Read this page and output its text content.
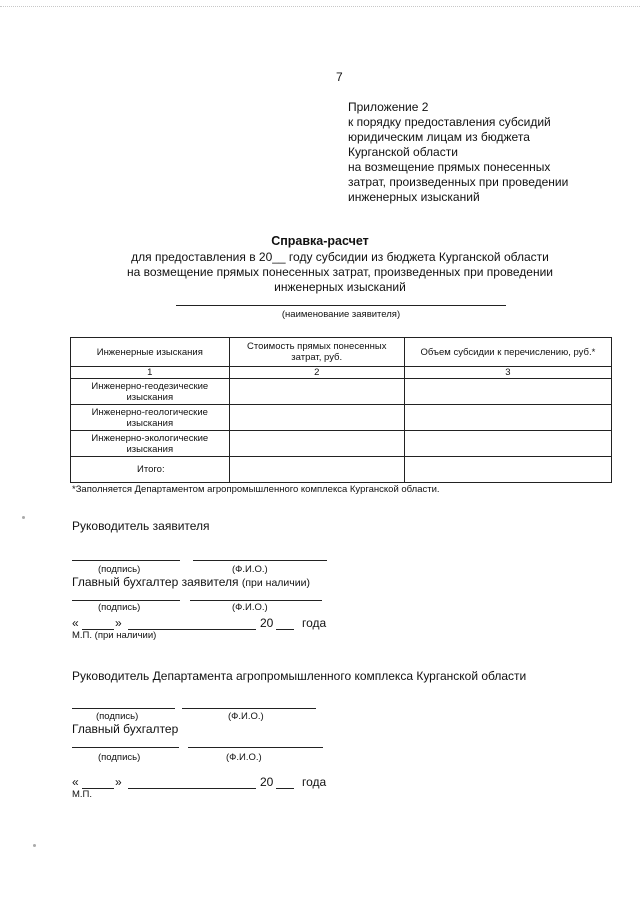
7
Приложение 2
к порядку предоставления субсидий
юридическим лицам из бюджета
Курганской области
на возмещение прямых понесенных
затрат, произведенных при проведении
инженерных изысканий
Справка-расчет
для предоставления в 20__ году субсидии из бюджета Курганской области
на возмещение прямых понесенных затрат, произведенных при проведении
инженерных изысканий
(наименование заявителя)
Инженерные изыскания	Стоимость прямых понесенных затрат, руб.	Объем субсидии к перечислению, руб.*
1	2	3
Инженерно-геодезические изыскания		
Инженерно-геологические изыскания		
Инженерно-экологические изыскания		
Итого:		
*Заполняется Департаментом агропромышленного комплекса Курганской области.
Руководитель заявителя
(подпись)	(Ф.И.О.)
Главный бухгалтер заявителя (при наличии)
(подпись)	(Ф.И.О.)
«	»	20 года
М.П. (при наличии)
Руководитель Департамента агропромышленного комплекса Курганской области
(подпись)	(Ф.И.О.)
Главный бухгалтер
(подпись)	(Ф.И.О.)
«	»	20 года
М.П.
